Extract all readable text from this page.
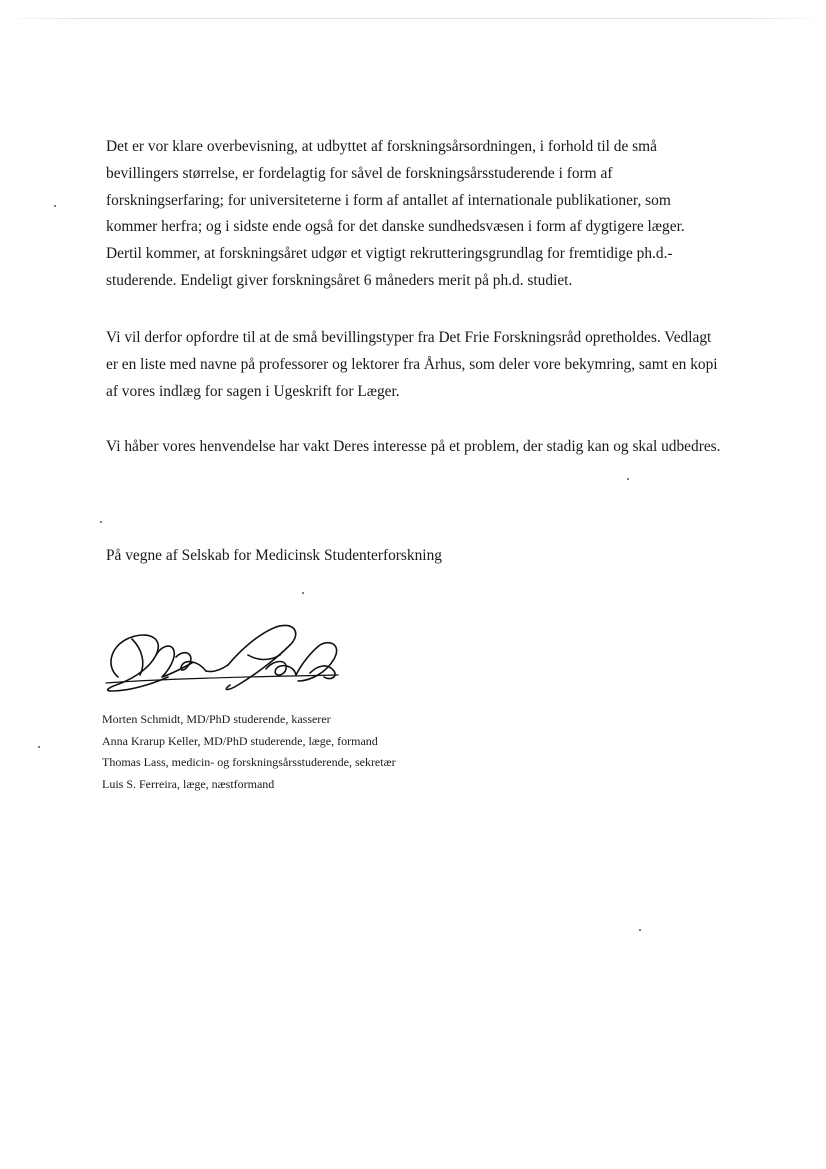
Det er vor klare overbevisning, at udbyttet af forskningsårsordningen, i forhold til de små
bevillingers størrelse, er fordelagtig for såvel de forskningsårsstuderende i form af
forskningserfaring; for universiteterne i form af antallet af internationale publikationer, som
kommer herfra; og i sidste ende også for det danske sundhedsvæsen i form af dygtigere læger.
Dertil kommer, at forskningsåret udgør et vigtigt rekrutteringsgrundlag for fremtidige ph.d.-
studerende. Endeligt giver forskningsåret 6 måneders merit på ph.d. studiet.
Vi vil derfor opfordre til at de små bevillingstyper fra Det Frie Forskningsråd opretholdes. Vedlagt
er en liste med navne på professorer og lektorer fra Århus, som deler vore bekymring, samt en kopi
af vores indlæg for sagen i Ugeskrift for Læger.
Vi håber vores henvendelse har vakt Deres interesse på et problem, der stadig kan og skal udbedres.
På vegne af Selskab for Medicinsk Studenterforskning
Morten Schmidt, MD/PhD studerende, kasserer
Anna Krarup Keller, MD/PhD studerende, læge, formand
Thomas Lass, medicin- og forskningsårsstuderende, sekretær
Luis S. Ferreira, læge, næstformand
